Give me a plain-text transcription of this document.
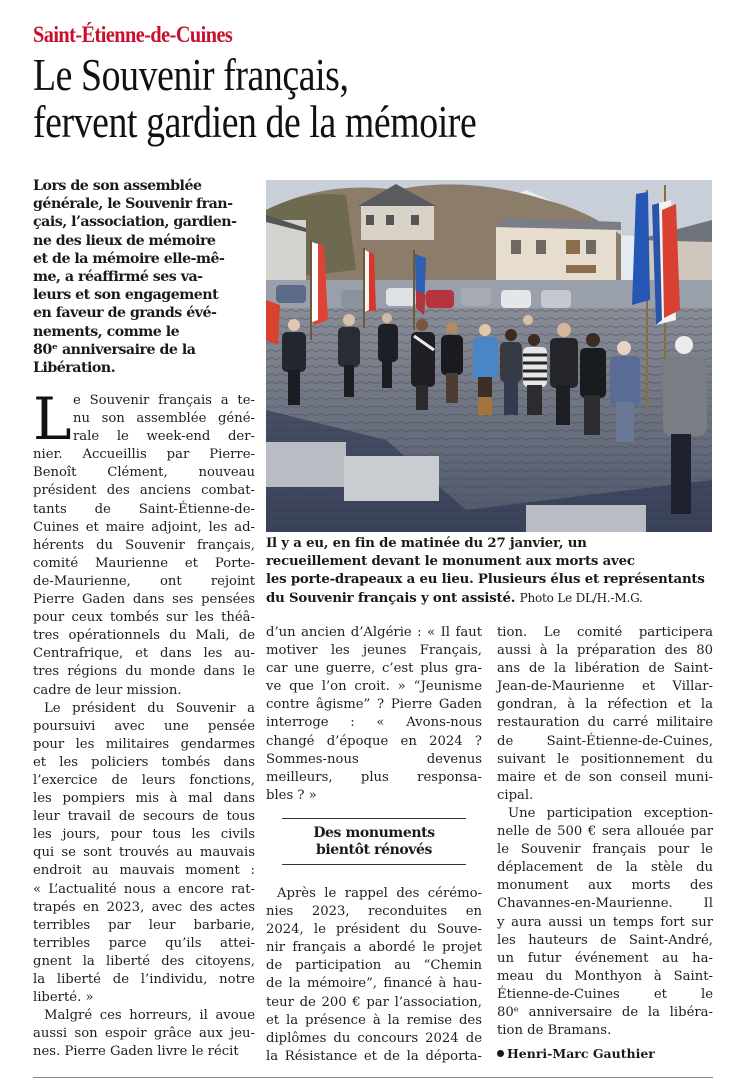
Saint-Étienne-de-Cuines
Le Souvenir français,
fervent gardien de la mémoire
Lors de son assemblée
générale, le Souvenir fran-
çais, l’association, gardien-
ne des lieux de mémoire
et de la mémoire elle-mê-
me, a réaffirmé ses va-
leurs et son engagement
en faveur de grands évé-
nements, comme le
80ᵉ anniversaire de la
Libération.
L e Souvenir français a te-
nu son assemblée géné-
rale le week-end der-
nier. Accueillis par Pierre-
Benoît Clément, nouveau
président des anciens combat-
tants de Saint-Étienne-de-
Cuines et maire adjoint, les ad-
hérents du Souvenir français,
comité Maurienne et Porte-
de-Maurienne, ont rejoint
Pierre Gaden dans ses pensées
pour ceux tombés sur les théâ-
tres opérationnels du Mali, de
Centrafrique, et dans les au-
tres régions du monde dans le
cadre de leur mission.
Le président du Souvenir a
poursuivi avec une pensée
pour les militaires gendarmes
et les policiers tombés dans
l’exercice de leurs fonctions,
les pompiers mis à mal dans
leur travail de secours de tous
les jours, pour tous les civils
qui se sont trouvés au mauvais
endroit au mauvais moment :
« L’actualité nous a encore rat-
trapés en 2023, avec des actes
terribles par leur barbarie,
terribles parce qu’ils attei-
gnent la liberté des citoyens,
la liberté de l’individu, notre
liberté. »
Malgré ces horreurs, il avoue
aussi son espoir grâce aux jeu-
nes. Pierre Gaden livre le récit
Il y a eu, en fin de matinée du 27 janvier, un
recueillement devant le monument aux morts avec
les porte-drapeaux a eu lieu. Plusieurs élus et représentants
du Souvenir français y ont assisté. Photo Le DL/H.-M.G.
d’un ancien d’Algérie : « Il faut
motiver les jeunes Français,
car une guerre, c’est plus gra-
ve que l’on croit. » “Jeunisme
contre âgisme” ? Pierre Gaden
interroge : « Avons-nous
changé d’époque en 2024 ?
Sommes-nous devenus
meilleurs, plus responsa-
bles ? »
Des monuments
bientôt rénovés
Après le rappel des cérémo-
nies 2023, reconduites en
2024, le président du Souve-
nir français a abordé le projet
de participation au “Chemin
de la mémoire”, financé à hau-
teur de 200 € par l’association,
et la présence à la remise des
diplômes du concours 2024 de
la Résistance et de la déporta-
tion. Le comité participera
aussi à la préparation des 80
ans de la libération de Saint-
Jean-de-Maurienne et Villar-
gondran, à la réfection et la
restauration du carré militaire
de Saint-Étienne-de-Cuines,
suivant le positionnement du
maire et de son conseil muni-
cipal.
Une participation exception-
nelle de 500 € sera allouée par
le Souvenir français pour le
déplacement de la stèle du
monument aux morts des
Chavannes-en-Maurienne. Il
y aura aussi un temps fort sur
les hauteurs de Saint-André,
un futur événement au ha-
meau du Monthyon à Saint-
Étienne-de-Cuines et le
80ᵉ anniversaire de la libéra-
tion de Bramans.
Henri-Marc Gauthier
